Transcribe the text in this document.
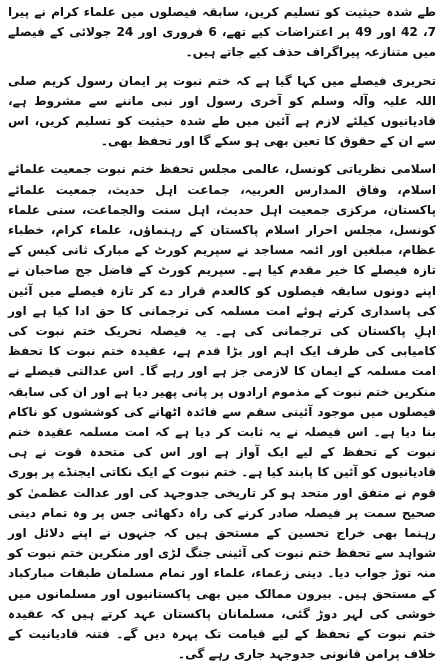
طے شدہ حیثیت کو تسلیم کریں، سابقہ فیصلوں میں علماء کرام نے پیرا 7، 42 اور 49 پر اعتراضات کیے تھے، 6 فروری اور 24 جولائی کے فیصلے میں متنازعہ پیراگراف حذف کیے جاتے ہیں۔

تحریری فیصلے میں کہا گیا ہے کہ ختم نبوت پر ایمان رسول کریم صلی اللہ علیہ وآلہ وسلم کو آخری رسول اور نبی ماننے سے مشروط ہے، قادیانیوں کیلئے لازم ہے آئین میں طے شدہ حیثیت کو تسلیم کریں، اس سے ان کے حقوق کا تعین بھی ہو سکے گا اور تحفظ بھی۔

اسلامی نظریاتی کونسل، عالمی مجلس تحفظ ختم نبوت جمعیت علمائے اسلام، وفاق المدارس العربیہ، جماعت اہل حدیث، جمعیت علمائے پاکستان، مرکزی جمعیت اہل حدیث، اہل سنت والجماعت، سنی علماء کونسل، مجلس احرار اسلام پاکستان کے رہنماؤں، علماء کرام، خطباء عظام، مبلغین اور ائمہ مساجد نے سپریم کورٹ کے مبارک ثانی کیس کے تازہ فیصلے کا خیر مقدم کیا ہے۔ سپریم کورٹ کے فاضل جج صاحبان نے اپنے دونوں سابقہ فیصلوں کو کالعدم قرار دے کر تازہ فیصلے میں آئین کی پاسداری کرتے ہوئے امت مسلمہ کی ترجمانی کا حق ادا کیا ہے اور اہلِ پاکستان کی ترجمانی کی ہے۔ یہ فیصلہ تحریک ختم نبوت کی کامیابی کی طرف ایک اہم اور بڑا قدم ہے، عقیدہ ختم نبوت کا تحفظ امت مسلمہ کے ایمان کا لازمی جز ہے اور رہے گا۔ اس عدالتی فیصلے نے منکرین ختم نبوت کے مذموم ارادوں پر پانی پھیر دیا ہے اور ان کی سابقہ فیصلوں میں موجود آئینی سقم سے فائدہ اٹھانے کی کوششوں کو ناکام بنا دیا ہے۔ اس فیصلہ نے یہ ثابت کر دیا ہے کہ امت مسلمہ عقیدہ ختم نبوت کے تحفظ کے لیے ایک آواز ہے اور اس کی متحدہ قوت نے ہی قادیانیوں کو آئین کا پابند کیا ہے۔ ختم نبوت کے ایک نکاتی ایجنڈے پر پوری قوم نے متفق اور متحد ہو کر تاریخی جدوجہد کی اور عدالت عظمیٰ کو صحیح سمت پر فیصلہ صادر کرنے کی راہ دکھائی جس پر وہ تمام دینی رہنما بھی خراج تحسین کے مستحق ہیں کہ جنہوں نے اپنے دلائل اور شواہد سے تحفظ ختم نبوت کی آئینی جنگ لڑی اور منکرین ختم نبوت کو منہ توڑ جواب دیا۔ دینی زعماء، علماء اور تمام مسلمان طبقات مبارکباد کے مستحق ہیں۔ بیرون ممالک میں بھی پاکستانیوں اور مسلمانوں میں خوشی کی لہر دوڑ گئی، مسلمانان پاکستان عہد کرتے ہیں کہ عقیدہ ختم نبوت کے تحفظ کے لیے قیامت تک پہرہ دیں گے۔ فتنہ قادیانیت کے خلاف پرامن قانونی جدوجہد جاری رہے گی۔
